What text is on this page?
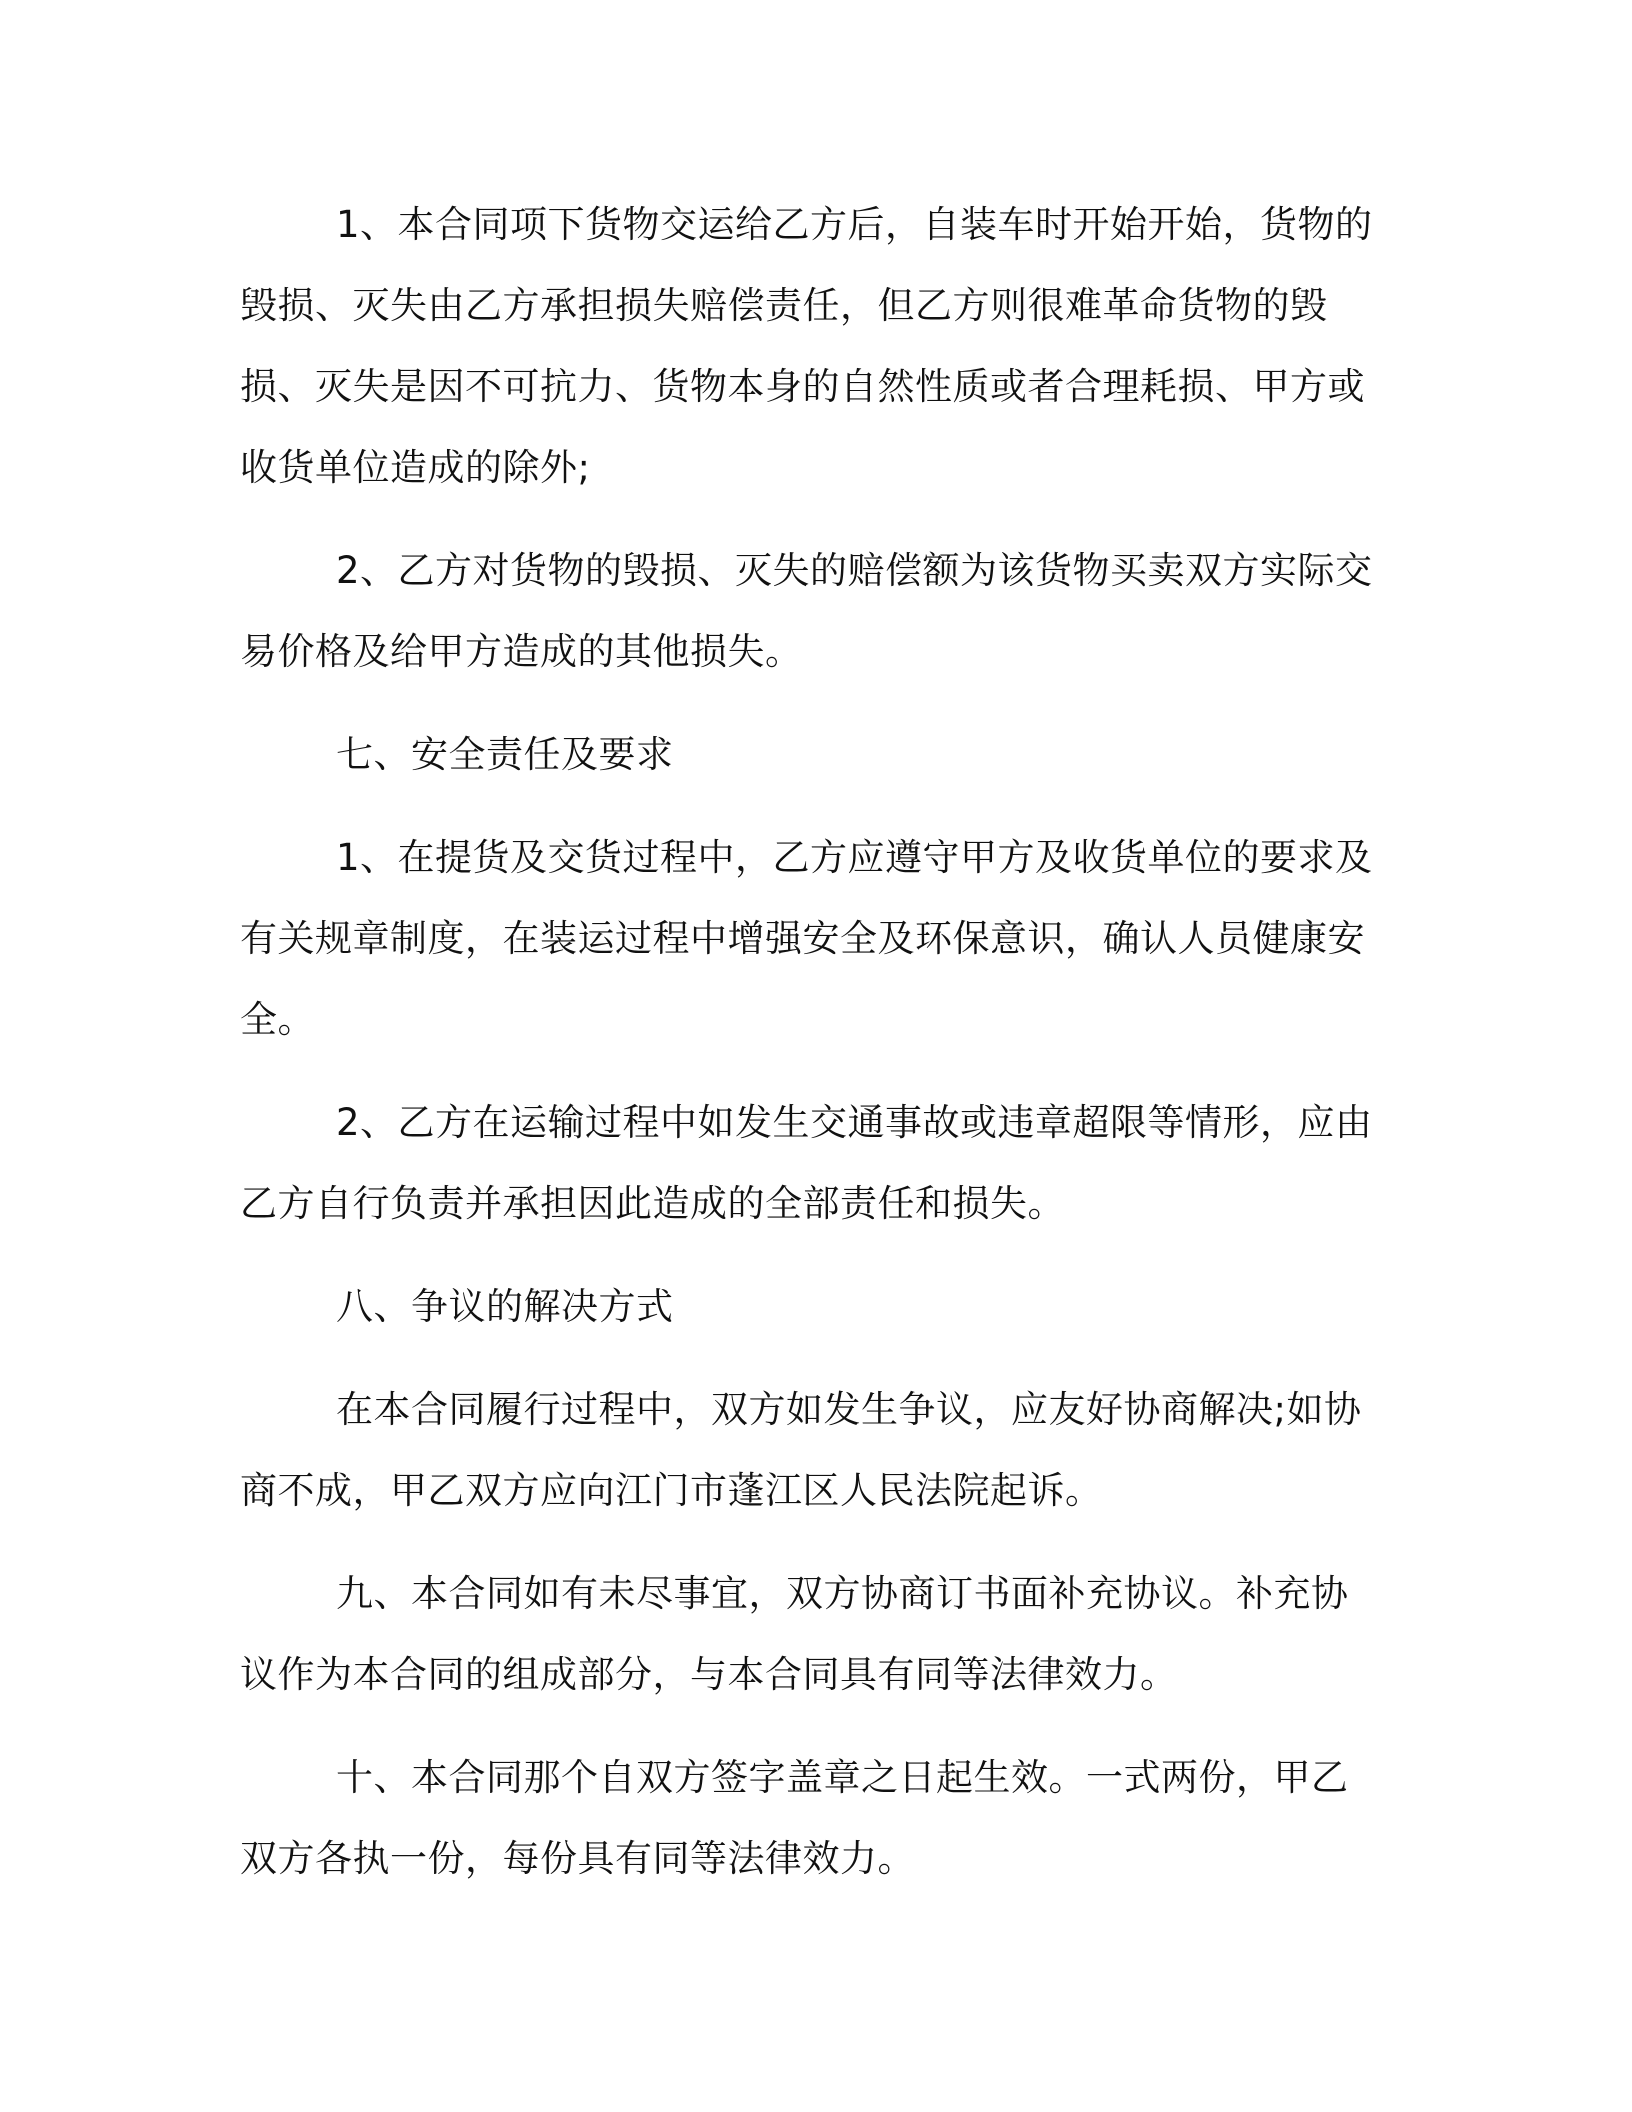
1、本合同项下货物交运给乙方后，自装车时开始开始，货物的毁损、灭失由乙方承担损失赔偿责任，但乙方则很难革命货物的毁损、灭失是因不可抗力、货物本身的自然性质或者合理耗损、甲方或收货单位造成的除外;

2、乙方对货物的毁损、灭失的赔偿额为该货物买卖双方实际交易价格及给甲方造成的其他损失。

七、安全责任及要求

1、在提货及交货过程中，乙方应遵守甲方及收货单位的要求及有关规章制度，在装运过程中增强安全及环保意识，确认人员健康安全。

2、乙方在运输过程中如发生交通事故或违章超限等情形，应由乙方自行负责并承担因此造成的全部责任和损失。

八、争议的解决方式

在本合同履行过程中，双方如发生争议，应友好协商解决;如协商不成，甲乙双方应向江门市蓬江区人民法院起诉。

九、本合同如有未尽事宜，双方协商订书面补充协议。补充协议作为本合同的组成部分，与本合同具有同等法律效力。

十、本合同那个自双方签字盖章之日起生效。一式两份，甲乙双方各执一份，每份具有同等法律效力。
